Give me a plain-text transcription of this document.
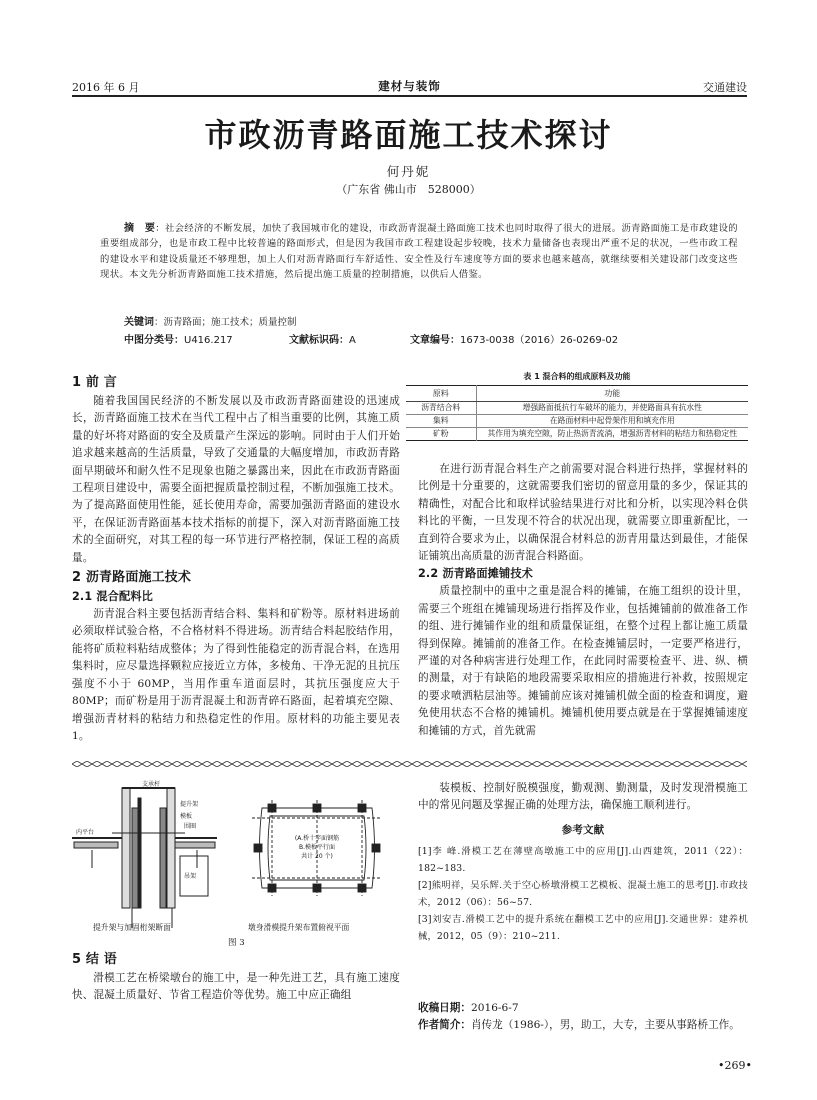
2016 年 6 月	建材与装饰	交通建设
市政沥青路面施工技术探讨
何丹妮
（广东省 佛山市　528000）
摘　要：社会经济的不断发展，加快了我国城市化的建设，市政沥青混凝土路面施工技术也同时取得了很大的进展。沥青路面施工是市政建设的重要组成部分，也是市政工程中比较普遍的路面形式，但是因为我国市政工程建设起步较晚，技术力量储备也表现出严重不足的状况，一些市政工程的建设水平和建设质量还不够理想，加上人们对沥青路面行车舒适性、安全性及行车速度等方面的要求也越来越高，就继续要相关建设部门改变这些现状。本文先分析沥青路面施工技术措施，然后提出施工质量的控制措施，以供后人借鉴。
关键词：沥青路面；施工技术；质量控制
中图分类号：U416.217	文献标识码：A	文章编号：1673-0038（2016）26-0269-02
1 前 言

随着我国国民经济的不断发展以及市政沥青路面建设的迅速成长，沥青路面施工技术在当代工程中占了相当重要的比例，其施工质量的好坏将对路面的安全及质量产生深远的影响。同时由于人们开始追求越来越高的生活质量，导致了交通量的大幅度增加，市政沥青路面早期破坏和耐久性不足现象也随之暴露出来，因此在市政沥青路面工程项目建设中，需要全面把握质量控制过程，不断加强施工技术。为了提高路面使用性能，延长使用寿命，需要加强沥青路面的建设水平，在保证沥青路面基本技术指标的前提下，深入对沥青路面施工技术的全面研究，对其工程的每一环节进行严格控制，保证工程的高质量。

2 沥青路面施工技术
2.1 混合配料比

沥青混合料主要包括沥青结合料、集料和矿粉等。原材料进场前必须取样试验合格，不合格材料不得进场。沥青结合料起胶结作用，能将矿质粒料粘结成整体；为了得到性能稳定的沥青混合料，在选用集料时，应尽量选择颗粒应接近立方体，多棱角、干净无泥的且抗压强度不小于 60MP，当用作重车道面层时，其抗压强度应大于 80MP；而矿粉是用于沥青混凝土和沥青碎石路面，起着填充空隙、增强沥青材料的粘结力和热稳定性的作用。原材料的功能主要见表 1。

表 1 混合料的组成原料及功能
原料	功能
沥青结合料	增强路面抵抗行车破坏的能力，并使路面具有抗水性
集料	在路面材料中起骨架作用和填充作用
矿粉	其作用为填充空隙，防止热沥青流淌，增强沥青材料的粘结力和热稳定性

在进行沥青混合料生产之前需要对混合料进行热拌，掌握材料的比例是十分重要的，这就需要我们密切的留意用量的多少，保证其的精确性，对配合比和取样试验结果进行对比和分析，以实现冷料仓供料比的平衡，一旦发现不符合的状况出现，就需要立即重新配比，一直到符合要求为止，以确保混合材料总的沥青用量达到最佳，才能保证铺筑出高质量的沥青混合料路面。

2.2 沥青路面摊铺技术

质量控制中的重中之重是混合料的摊铺，在施工组织的设计里，需要三个班组在摊铺现场进行指挥及作业，包括摊铺前的做准备工作的组、进行摊铺作业的组和质量保证组，在整个过程上都让施工质量得到保障。摊铺前的准备工作。在检查摊铺层时，一定要严格进行，严谨的对各种病害进行处理工作，在此同时需要检查平、进、纵、横的测量，对于有缺陷的地段需要采取相应的措施进行补救，按照规定的要求喷洒粘层油等。摊铺前应该对摊铺机做全面的检查和调度，避免使用状态不合格的摊铺机。摊铺机使用要点就是在于掌握摊铺速度和摊铺的方式，首先就需

支承杆
提升架
模板
围圈
内平台
吊架
(A.桥十字面钢筋
B.模板平行面
共计 20 个)
提升架与加固桁架断面	墩身滑模提升架布置俯视平面
图 3
5 结 语

滑模工艺在桥梁墩台的施工中，是一种先进工艺，具有施工速度快、混凝土质量好、节省工程造价等优势。施工中应正确组

装模板、控制好脱模强度，勤观测、勤测量，及时发现滑模施工中的常见问题及掌握正确的处理方法，确保施工顺利进行。

参考文献
[1]李 峰.滑模工艺在薄壁高墩施工中的应用[J].山西建筑，2011（22）：182~183.
[2]熊明祥，吴乐辉.关于空心桥墩滑模工艺模板、混凝土施工的思考[J].市政技术，2012（06）：56~57.
[3]刘安吉.滑模工艺中的提升系统在翻模工艺中的应用[J].交通世界：建养机械，2012，05（9）：210~211.
收稿日期：2016-6-7
作者简介：肖传龙（1986-），男，助工，大专，主要从事路桥工作。
•269•
